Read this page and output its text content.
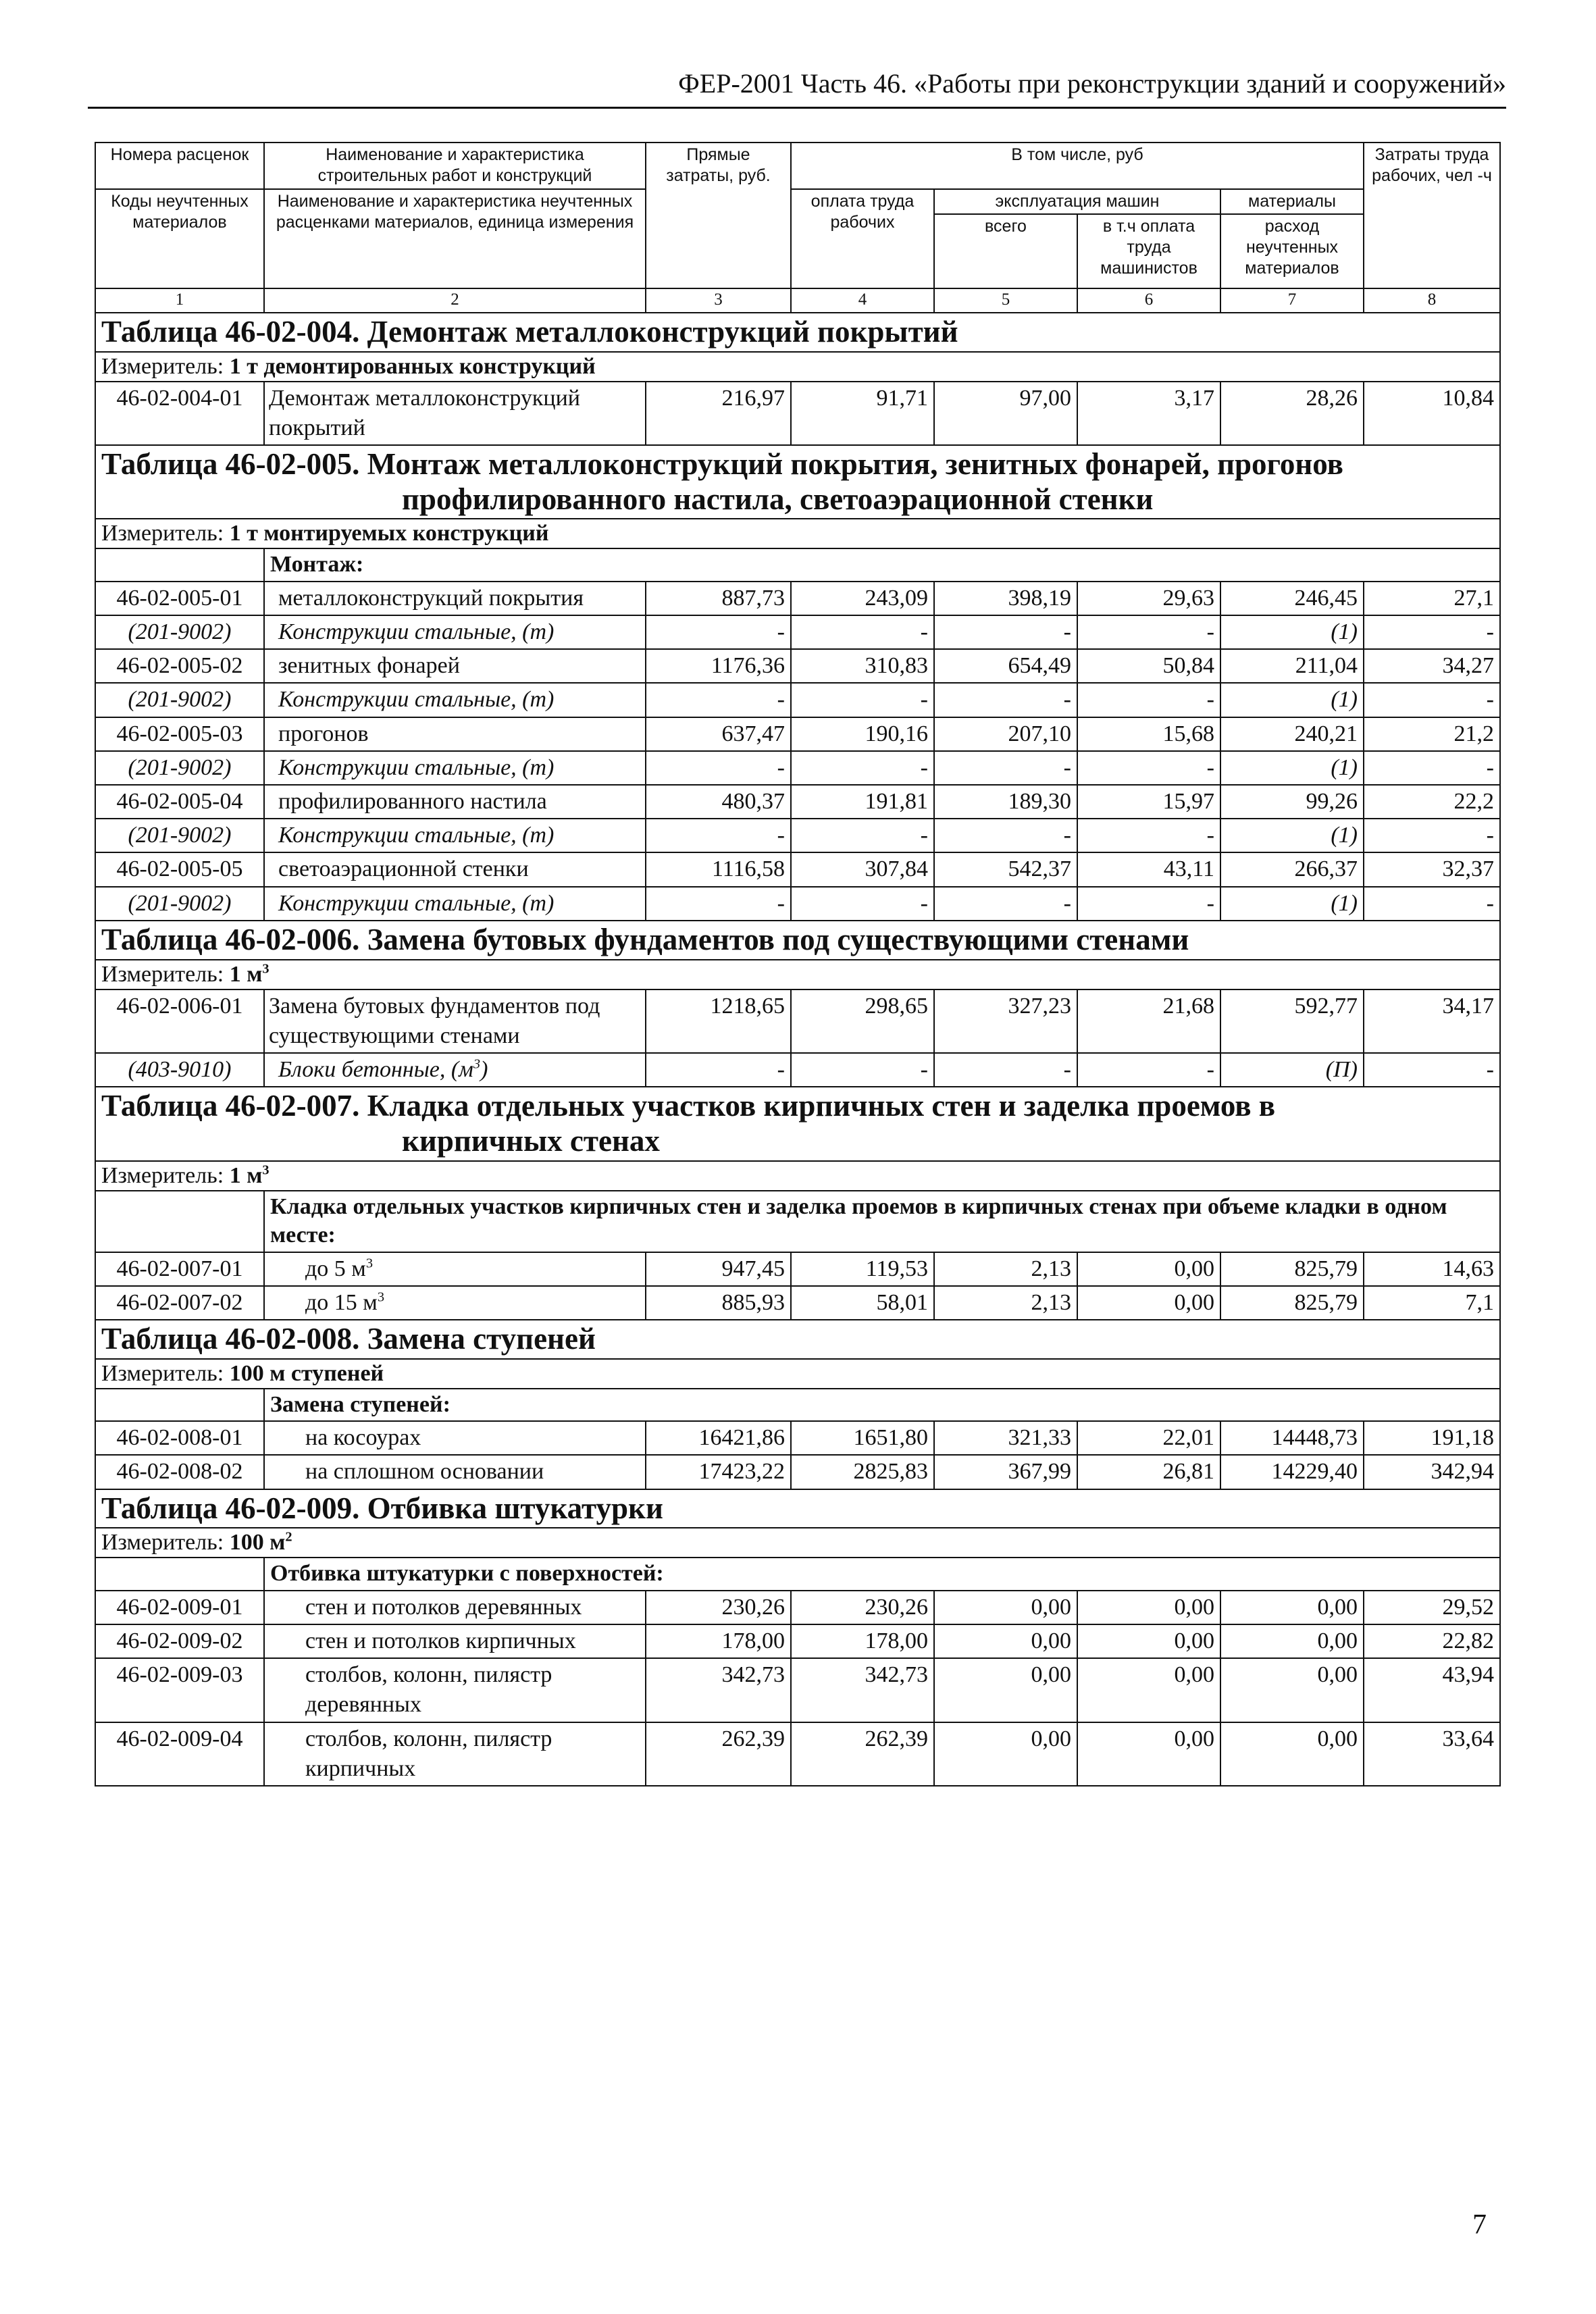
ФЕР-2001 Часть 46. «Работы при реконструкции зданий и сооружений»
Номера расценок	Наименование и характеристика строительных работ и конструкций	Прямые затраты, руб.	В том числе, руб				Затраты труда рабочих, чел -ч
Коды неучтенных материалов	Наименование и характеристика неучтенных расценками материалов, единица измерения		оплата труда рабочих	эксплуатация машин		материалы	
				всего	в т.ч оплата труда машинистов	расход неучтенных материалов	
1	2	3	4	5	6	7	8

Таблица 46-02-004. Демонтаж металлоконструкций покрытий							

Измеритель: 1 т демонтированных конструкций							
46-02-004-01	Демонтаж металлоконструкций покрытий	216,97	91,71	97,00	3,17	28,26	10,84

Таблица 46-02-005. Монтаж металлоконструкций покрытия, зенитных фонарей, прогонов
профилированного настила, светоаэрационной стенки							

Измеритель: 1 т монтируемых конструкций							
	Монтаж:						
46-02-005-01	металлоконструкций покрытия	887,73	243,09	398,19	29,63	246,45	27,1
(201-9002)	Конструкции стальные, (т)	-	-	-	-	(1)	-
46-02-005-02	зенитных фонарей	1176,36	310,83	654,49	50,84	211,04	34,27
(201-9002)	Конструкции стальные, (т)	-	-	-	-	(1)	-
46-02-005-03	прогонов	637,47	190,16	207,10	15,68	240,21	21,2
(201-9002)	Конструкции стальные, (т)	-	-	-	-	(1)	-
46-02-005-04	профилированного настила	480,37	191,81	189,30	15,97	99,26	22,2
(201-9002)	Конструкции стальные, (т)	-	-	-	-	(1)	-
46-02-005-05	светоаэрационной стенки	1116,58	307,84	542,37	43,11	266,37	32,37
(201-9002)	Конструкции стальные, (т)	-	-	-	-	(1)	-

Таблица 46-02-006. Замена бутовых фундаментов под существующими стенами							

Измеритель: 1 $м^3$
46-02-006-01	Замена бутовых фундаментов под существующими стенами	1218,65	298,65	327,23	21,68	592,77	34,17
(403-9010)	Блоки бетонные, $(м^3)$	-	-	-	-	(П)	-

Таблица 46-02-007. Кладка отдельных участков кирпичных стен и заделка проемов в
кирпичных стенах							

Измеритель: 1 $м^3$
	Кладка отдельных участков кирпичных стен и заделка проемов в кирпичных стенах при объеме кладки в одном месте:						
46-02-007-01	до 5 $м^3$	947,45	119,53	2,13	0,00	825,79	14,63
46-02-007-02	до 15 $м^3$	885,93	58,01	2,13	0,00	825,79	7,1

Таблица 46-02-008. Замена ступеней							

Измеритель: 100 м ступеней							
	Замена ступеней:						
46-02-008-01	на косоурах	16421,86	1651,80	321,33	22,01	14448,73	191,18
46-02-008-02	на сплошном основании	17423,22	2825,83	367,99	26,81	14229,40	342,94

Таблица 46-02-009. Отбивка штукатурки							

Измеритель: 100 $м^2$
	Отбивка штукатурки с поверхностей:						
46-02-009-01	стен и потолков деревянных	230,26	230,26	0,00	0,00	0,00	29,52
46-02-009-02	стен и потолков кирпичных	178,00	178,00	0,00	0,00	0,00	22,82
46-02-009-03	столбов, колонн, пилястр деревянных	342,73	342,73	0,00	0,00	0,00	43,94
46-02-009-04	столбов, колонн, пилястр кирпичных	262,39	262,39	0,00	0,00	0,00	33,64
7
